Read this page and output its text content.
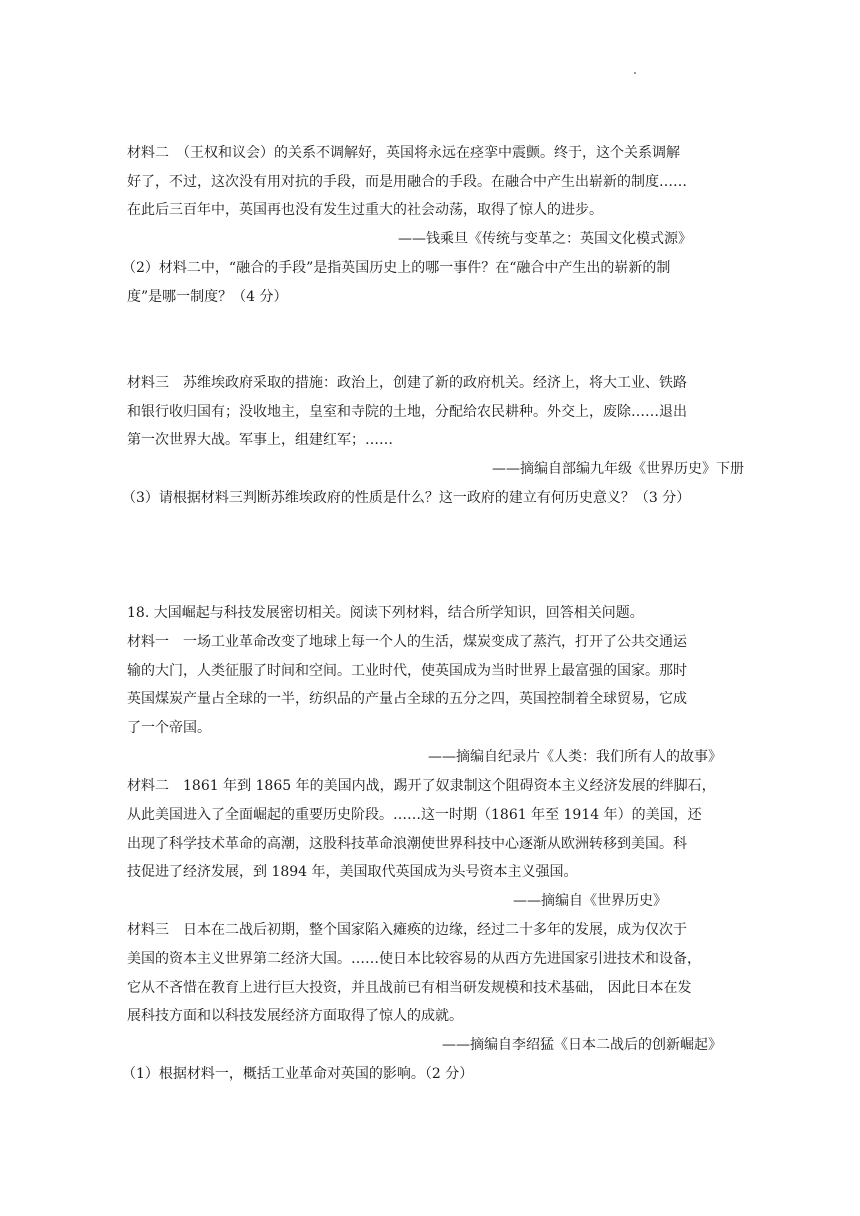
材料二　（王权和议会）的关系不调解好，英国将永远在痉挛中震颤。终于，这个关系调解
好了，不过，这次没有用对抗的手段，而是用融合的手段。在融合中产生出崭新的制度……
在此后三百年中，英国再也没有发生过重大的社会动荡，取得了惊人的进步。
——钱乘旦《传统与变革之：英国文化模式源》
（2）材料二中，“融合的手段”是指英国历史上的哪一事件？在“融合中产生出的崭新的制
度”是哪一制度？（4 分）
材料三　苏维埃政府采取的措施：政治上，创建了新的政府机关。经济上，将大工业、铁路
和银行收归国有；没收地主，皇室和寺院的土地，分配给农民耕种。外交上，废除……退出
第一次世界大战。军事上，组建红军；……
——摘编自部编九年级《世界历史》下册
（3）请根据材料三判断苏维埃政府的性质是什么？这一政府的建立有何历史意义？（3 分）
18. 大国崛起与科技发展密切相关。阅读下列材料，结合所学知识，回答相关问题。
材料一　一场工业革命改变了地球上每一个人的生活，煤炭变成了蒸汽，打开了公共交通运
输的大门，人类征服了时间和空间。工业时代，使英国成为当时世界上最富强的国家。那时
英国煤炭产量占全球的一半，纺织品的产量占全球的五分之四，英国控制着全球贸易，它成
了一个帝国。
——摘编自纪录片《人类：我们所有人的故事》
材料二　1861 年到 1865 年的美国内战，踢开了奴隶制这个阻碍资本主义经济发展的绊脚石，
从此美国进入了全面崛起的重要历史阶段。……这一时期（1861 年至 1914 年）的美国，还
出现了科学技术革命的高潮，这股科技革命浪潮使世界科技中心逐渐从欧洲转移到美国。科
技促进了经济发展，到 1894 年，美国取代英国成为头号资本主义强国。
——摘编自《世界历史》
材料三　日本在二战后初期，整个国家陷入瘫痪的边缘，经过二十多年的发展，成为仅次于
美国的资本主义世界第二经济大国。……使日本比较容易的从西方先进国家引进技术和设备，
它从不吝惜在教育上进行巨大投资，并且战前已有相当研发规模和技术基础， 因此日本在发
展科技方面和以科技发展经济方面取得了惊人的成就。
——摘编自李绍猛《日本二战后的创新崛起》
（1）根据材料一，概括工业革命对英国的影响。（2 分）
